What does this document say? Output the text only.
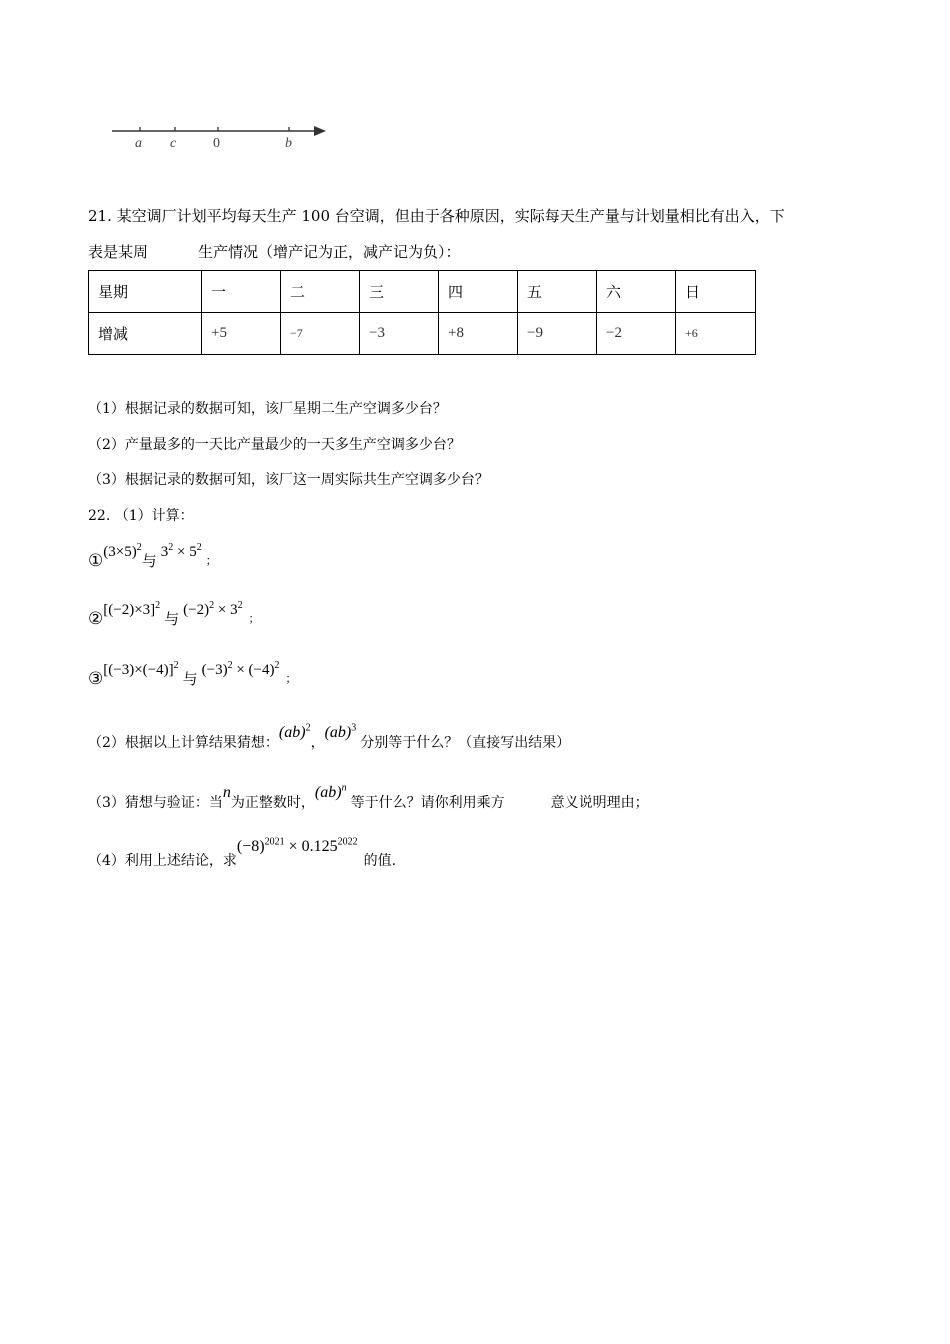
a c	0	b
21. 某空调厂计划平均每天生产 100 台空调，但由于各种原因，实际每天生产量与计划量相比有出入，下
表是某周	生产情况（增产记为正，减产记为负）：
星期	一	二	三	四	五	六	日
增减	+5	−7	−3	+8	−9	−2	+6
（1）根据记录的数据可知，该厂星期二生产空调多少台？
（2）产量最多的一天比产量最少的一天多生产空调多少台？
（3）根据记录的数据可知，该厂这一周实际共生产空调多少台？
22. （1）计算：
$①(3\times 5)^2$与 $3^2 \times 5^2_;$
$②[(-2)\times 3]^2$与 $(-2)^2 \times 3^2_;$
$③[(-3)\times(-4)]^2$与 $(-3)^2 \times (-4)^2_;$
（2）根据以上计算结果猜想：(ab)$^2$，(ab)$^3$分别等于什么？（直接写出结果）
（3）猜想与验证：当n为正整数时，(ab)$^n$等于什么？请你利用乘方	意义说明理由；
（4）利用上述结论，求$(-8)^{2021} \times 0.125^{2022}$的值.
